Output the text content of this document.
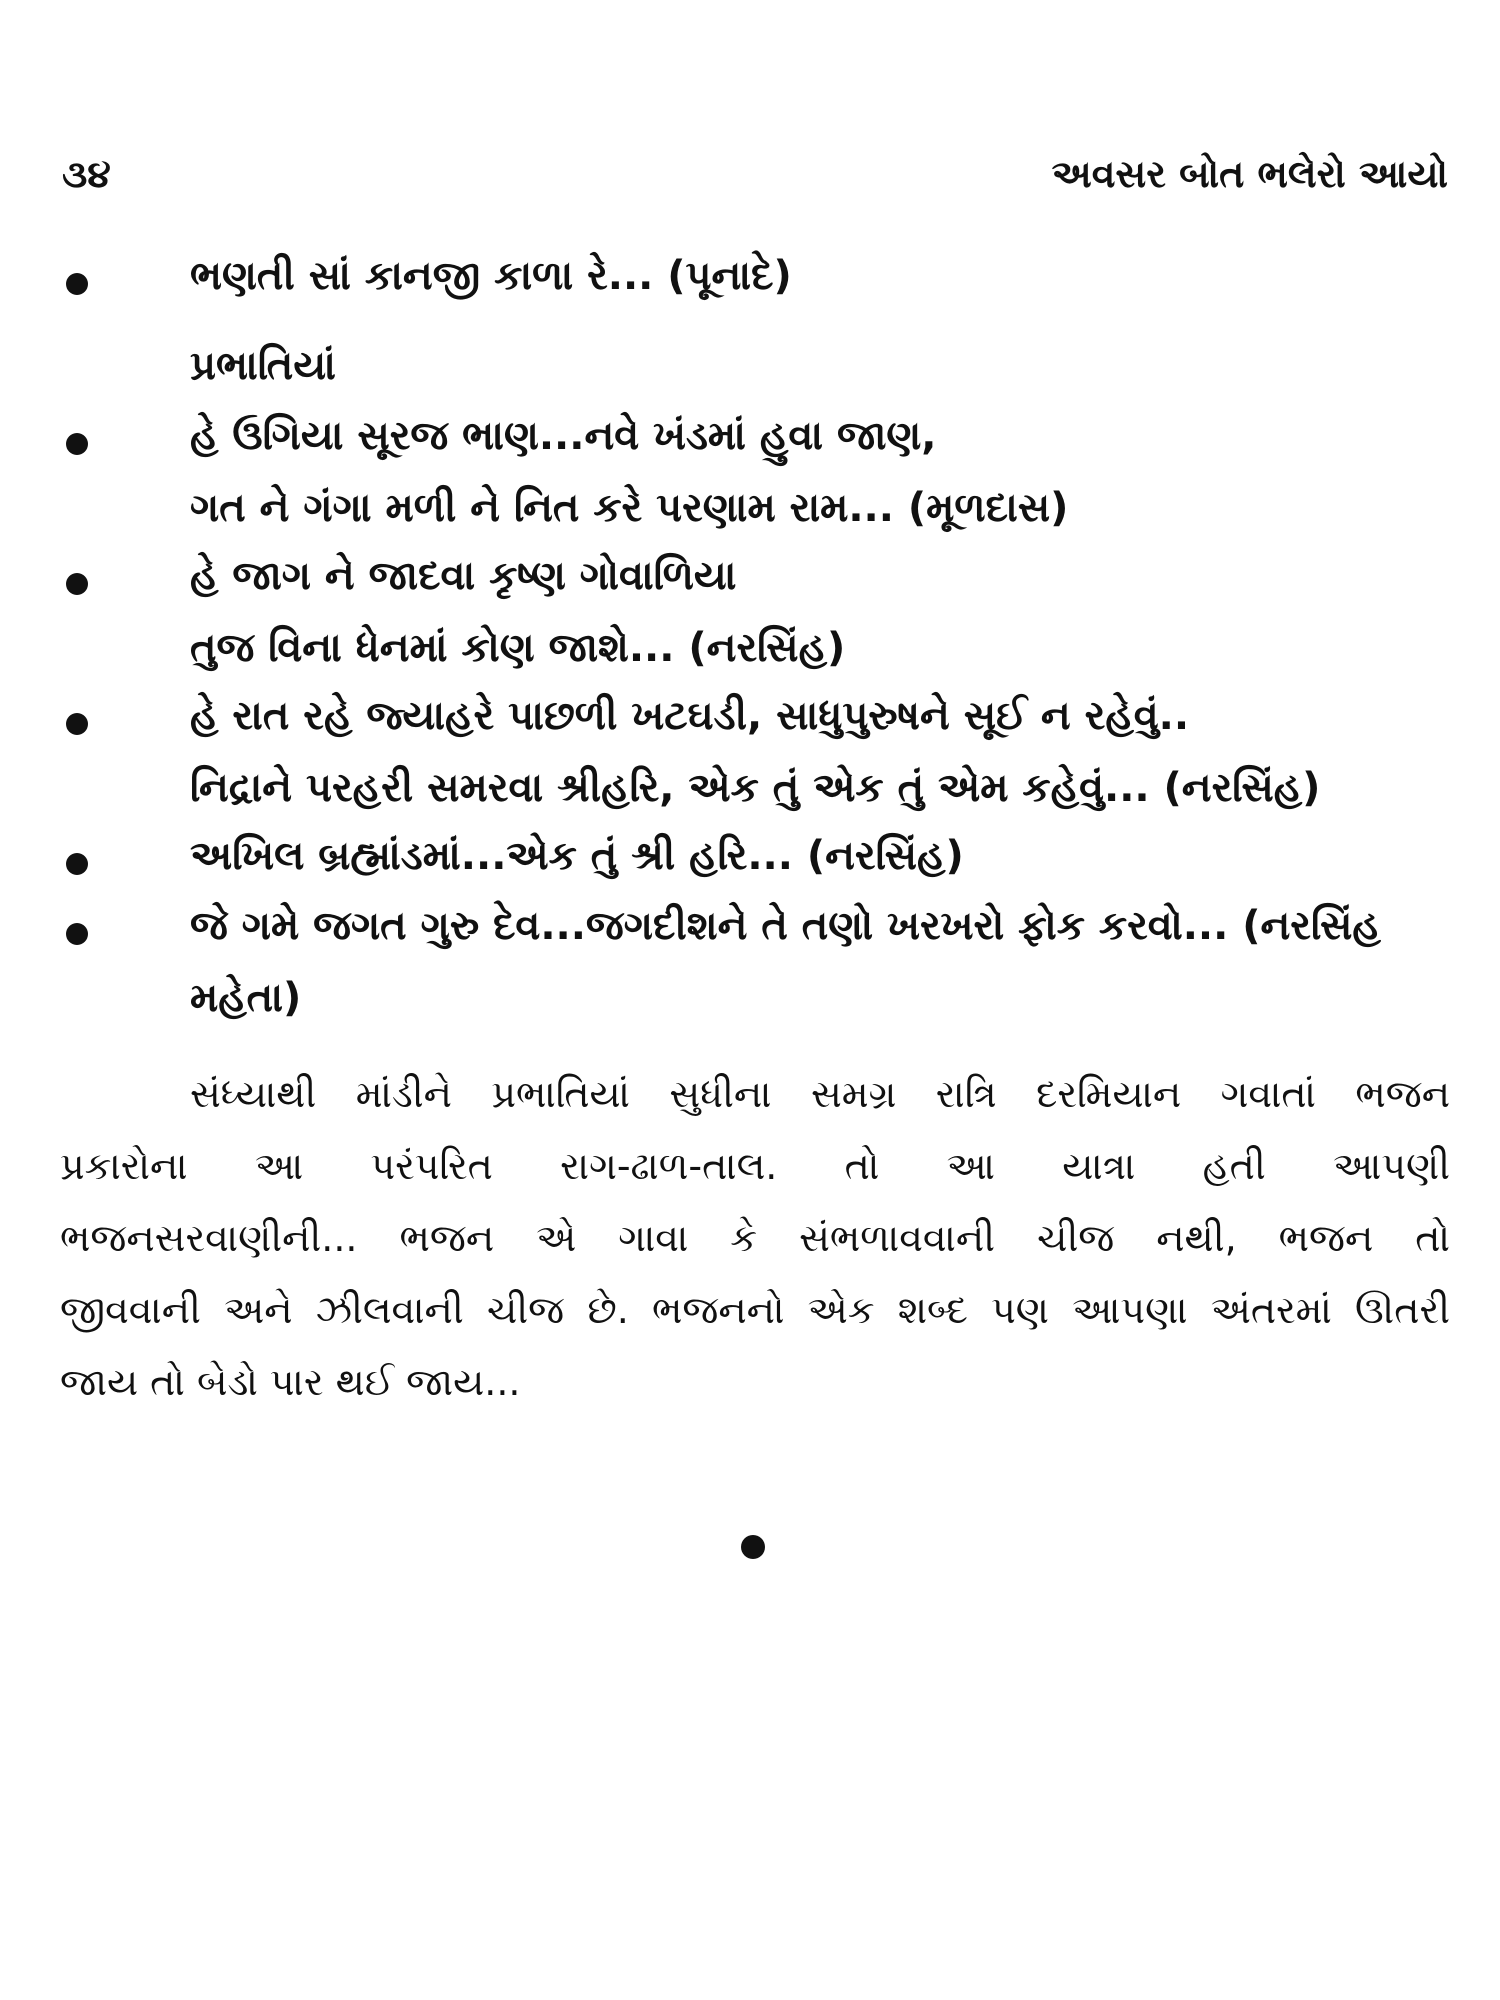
૩૪	અવસર બોત ભલેરો આયો
ભણતી સાં કાનજી કાળા રે... (પૂનાદે)
પ્રભાતિયાં
હે ઉગિયા સૂરજ ભાણ...નવે ખંડમાં હુવા જાણ,
ગત ને ગંગા મળી ને નિત કરે પરણામ રામ... (મૂળદાસ)
હે જાગ ને જાદવા કૃષ્ણ ગોવાળિયા
તુજ વિના ધેનમાં કોણ જાશે... (નરસિંહ)
હે રાત રહે જ્યાહરે પાછળી ખટઘડી, સાધુપુરુષને સૂઈ ન રહેવું..
નિદ્રાને પરહરી સમરવા શ્રીહરિ, એક તું એક તું એમ કહેવું... (નરસિંહ)
અખિલ બ્રહ્માંડમાં...એક તું શ્રી હરિ... (નરસિંહ)
જે ગમે જગત ગુરુ દેવ...જગદીશને તે તણો ખરખરો ફોક કરવો... (નરસિંહ
મહેતા)
સંધ્યાથી માંડીને પ્રભાતિયાં સુધીના સમગ્ર રાત્રિ દરમિયાન ગવાતાં ભજન
પ્રકારોના આ પરંપરિત રાગ-ઢાળ-તાલ. તો આ યાત્રા હતી આપણી
ભજનસરવાણીની... ભજન એ ગાવા કે સંભળાવવાની ચીજ નથી, ભજન તો
જીવવાની અને ઝીલવાની ચીજ છે. ભજનનો એક શબ્દ પણ આપણા અંતરમાં ઊતરી
જાય તો બેડો પાર થઈ જાય...
